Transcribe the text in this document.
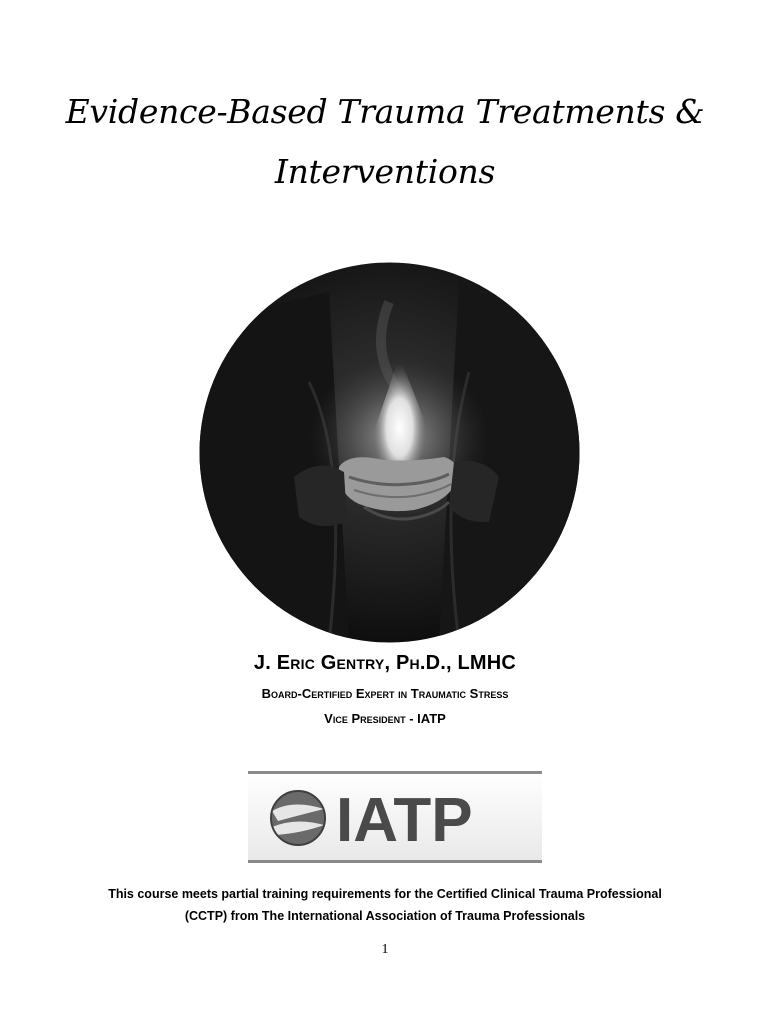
Evidence-Based Trauma Treatments &
Interventions
J. Eric Gentry, Ph.D., LMHC
Board-Certified Expert in Traumatic Stress
Vice President - IATP
IATP
This course meets partial training requirements for the Certified Clinical Trauma Professional
(CCTP) from The International Association of Trauma Professionals
1
